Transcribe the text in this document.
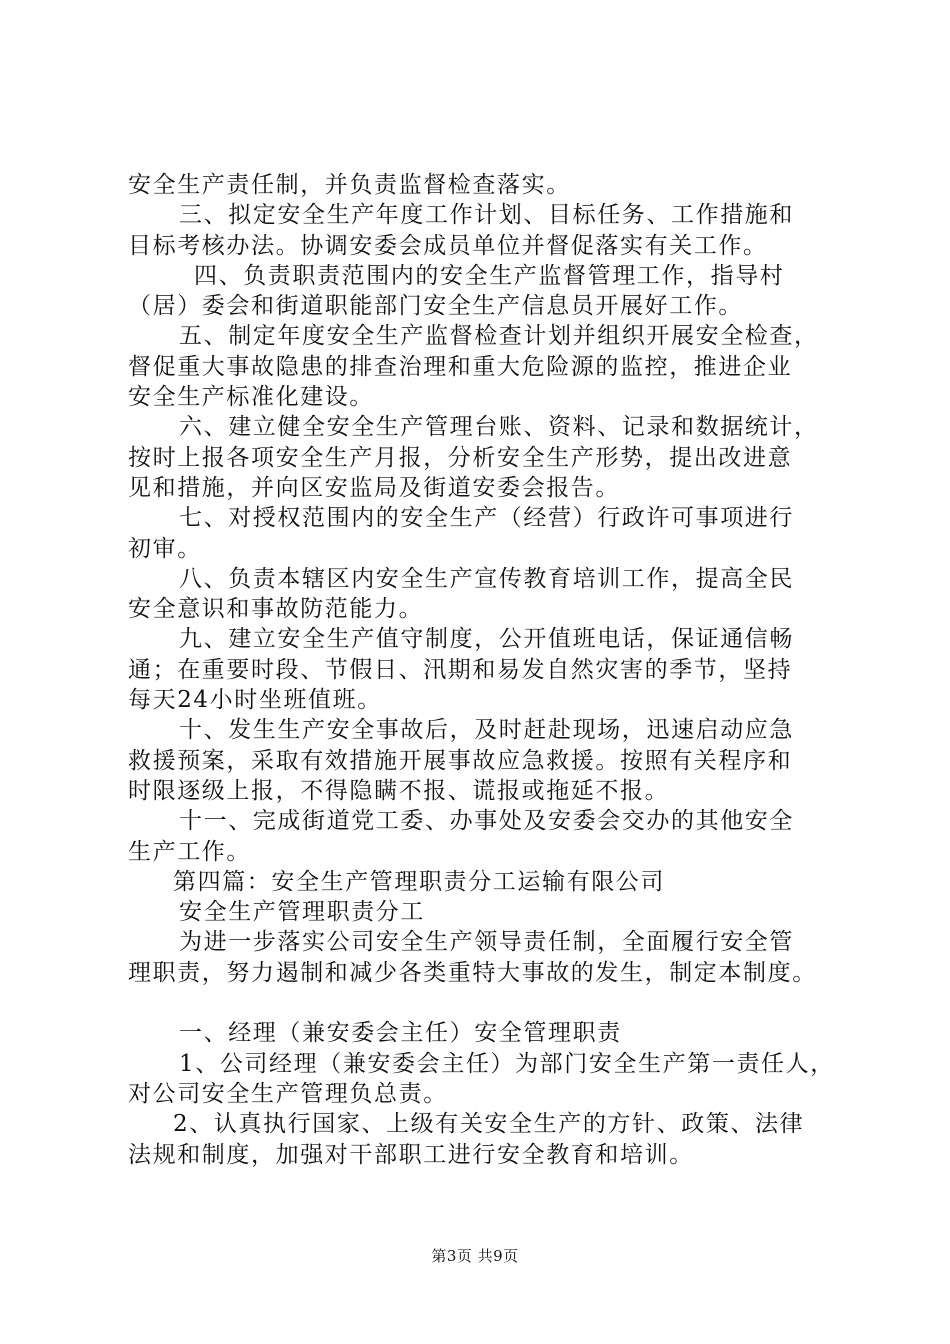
安全生产责任制，并负责监督检查落实。
三、拟定安全生产年度工作计划、目标任务、工作措施和
目标考核办法。协调安委会成员单位并督促落实有关工作。
四、负责职责范围内的安全生产监督管理工作，指导村
（居）委会和街道职能部门安全生产信息员开展好工作。
五、制定年度安全生产监督检查计划并组织开展安全检查，
督促重大事故隐患的排查治理和重大危险源的监控，推进企业
安全生产标准化建设。
六、建立健全安全生产管理台账、资料、记录和数据统计，
按时上报各项安全生产月报，分析安全生产形势，提出改进意
见和措施，并向区安监局及街道安委会报告。
七、对授权范围内的安全生产（经营）行政许可事项进行
初审。
八、负责本辖区内安全生产宣传教育培训工作，提高全民
安全意识和事故防范能力。
九、建立安全生产值守制度，公开值班电话，保证通信畅
通；在重要时段、节假日、汛期和易发自然灾害的季节，坚持
每天24小时坐班值班。
十、发生生产安全事故后，及时赶赴现场，迅速启动应急
救援预案，采取有效措施开展事故应急救援。按照有关程序和
时限逐级上报，不得隐瞒不报、谎报或拖延不报。
十一、完成街道党工委、办事处及安委会交办的其他安全
生产工作。
第四篇：安全生产管理职责分工运输有限公司
安全生产管理职责分工
为进一步落实公司安全生产领导责任制，全面履行安全管
理职责，努力遏制和减少各类重特大事故的发生，制定本制度。
一、经理（兼安委会主任）安全管理职责
1、公司经理（兼安委会主任）为部门安全生产第一责任人，
对公司安全生产管理负总责。
2、认真执行国家、上级有关安全生产的方针、政策、法律
法规和制度，加强对干部职工进行安全教育和培训。
第3页 共9页
